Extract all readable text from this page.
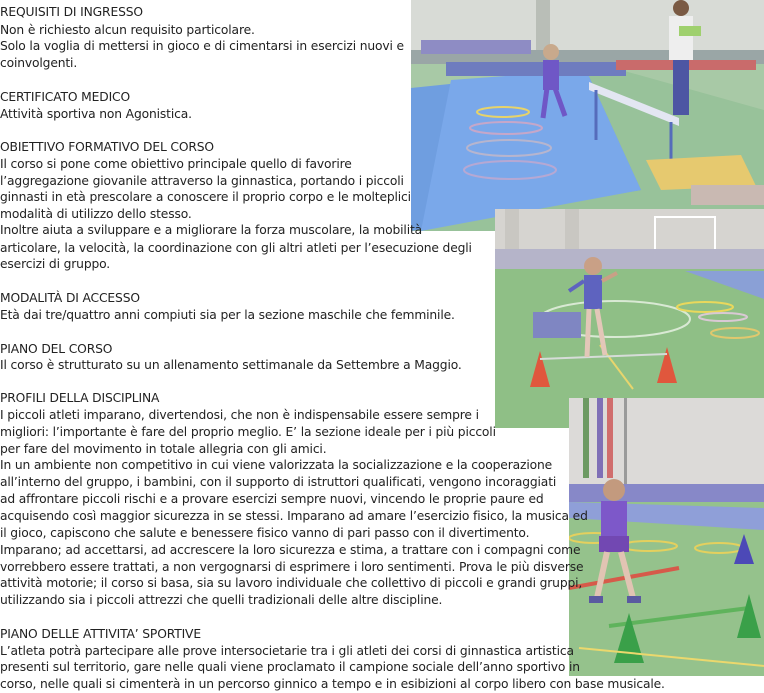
REQUISITI DI INGRESSO
Non è richiesto alcun requisito particolare.
Solo la voglia di mettersi in gioco e di cimentarsi in esercizi nuovi e
coinvolgenti.
CERTIFICATO MEDICO
Attività sportiva non Agonistica.
OBIETTIVO FORMATIVO DEL CORSO
Il corso si pone come obiettivo principale quello di favorire
l’aggregazione giovanile attraverso la ginnastica, portando i piccoli
ginnasti in età prescolare a conoscere il proprio corpo e le molteplici
modalità di utilizzo dello stesso.
Inoltre aiuta a sviluppare e a migliorare la forza muscolare, la mobilità
articolare, la velocità, la coordinazione con gli altri atleti per l’esecuzione degli
esercizi di gruppo.
MODALITÀ DI ACCESSO
Età dai tre/quattro anni compiuti sia per la sezione maschile che femminile.
PIANO DEL CORSO
Il corso è strutturato su un allenamento settimanale da Settembre a Maggio.
PROFILI DELLA DISCIPLINA
I piccoli atleti imparano, divertendosi, che non è indispensabile essere sempre i
migliori: l’importante è fare del proprio meglio. E’ la sezione ideale per i più piccoli
per fare del movimento in totale allegria con gli amici.
In un ambiente non competitivo in cui viene valorizzata la socializzazione e la cooperazione
all’interno del gruppo, i bambini, con il supporto di istruttori qualificati, vengono incoraggiati
ad affrontare piccoli rischi e a provare esercizi sempre nuovi, vincendo le proprie paure ed
acquisendo così maggior sicurezza in se stessi. Imparano ad amare l’esercizio fisico, la musica ed
il gioco, capiscono che salute e benessere fisico vanno di pari passo con il divertimento.
Imparano; ad accettarsi, ad accrescere la loro sicurezza e stima, a trattare con i compagni come
vorrebbero essere trattati, a non vergognarsi di esprimere i loro sentimenti. Prova le più disverse
attività motorie; il corso si basa, sia su lavoro individuale che collettivo di piccoli e grandi gruppi,
utilizzando sia i piccoli attrezzi che quelli tradizionali delle altre discipline.
PIANO DELLE ATTIVITA’ SPORTIVE
L’atleta potrà partecipare alle prove intersocietarie tra i gli atleti dei corsi di ginnastica artistica
presenti sul territorio, gare nelle quali viene proclamato il campione sociale dell’anno sportivo in
corso, nelle quali si cimenterà in un percorso ginnico a tempo e in esibizioni al corpo libero con base musicale.
